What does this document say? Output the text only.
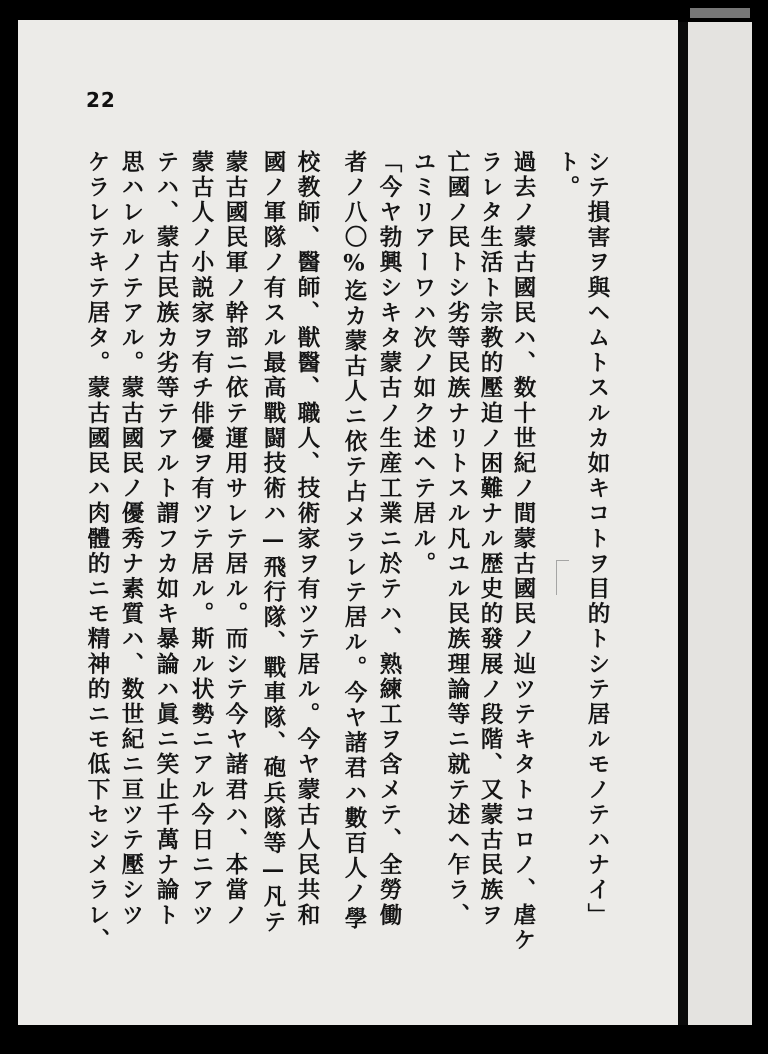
22
シテ損害ヲ與ヘムトスルカ如キコトヲ目的トシテ居ルモノテハナイ」
ト。
過去ノ蒙古國民ハ、数十世紀ノ間蒙古國民ノ辿ツテキタトコロノ、虐ケ
ラレタ生活ト宗教的壓迫ノ困難ナル歴史的發展ノ段階、又蒙古民族ヲ
亡國ノ民トシ劣等民族ナリトスル凡ユル民族理論等ニ就テ述ヘ乍ラ、
ユミリアーワハ次ノ如ク述ヘテ居ル。
「今ヤ勃興シキタ蒙古ノ生産工業ニ於テハ、熟練工ヲ含メテ、全勞働
者ノ八〇%迄カ蒙古人ニ依テ占メラレテ居ル。今ヤ諸君ハ數百人ノ學
校教師、醫師、獣醫、職人、技術家ヲ有ツテ居ル。今ヤ蒙古人民共和
國ノ軍隊ノ有スル最高戰闘技術ハ—飛行隊、戰車隊、砲兵隊等—凡テ
蒙古國民軍ノ幹部ニ依テ運用サレテ居ル。而シテ今ヤ諸君ハ、本當ノ
蒙古人ノ小説家ヲ有チ俳優ヲ有ツテ居ル。斯ル状勢ニアル今日ニアツ
テハ、蒙古民族カ劣等テアルト謂フカ如キ暴論ハ眞ニ笑止千萬ナ論ト
思ハレルノテアル。蒙古國民ノ優秀ナ素質ハ、数世紀ニ亘ツテ壓シツ
ケラレテキテ居タ。蒙古國民ハ肉體的ニモ精神的ニモ低下セシメラレ、
